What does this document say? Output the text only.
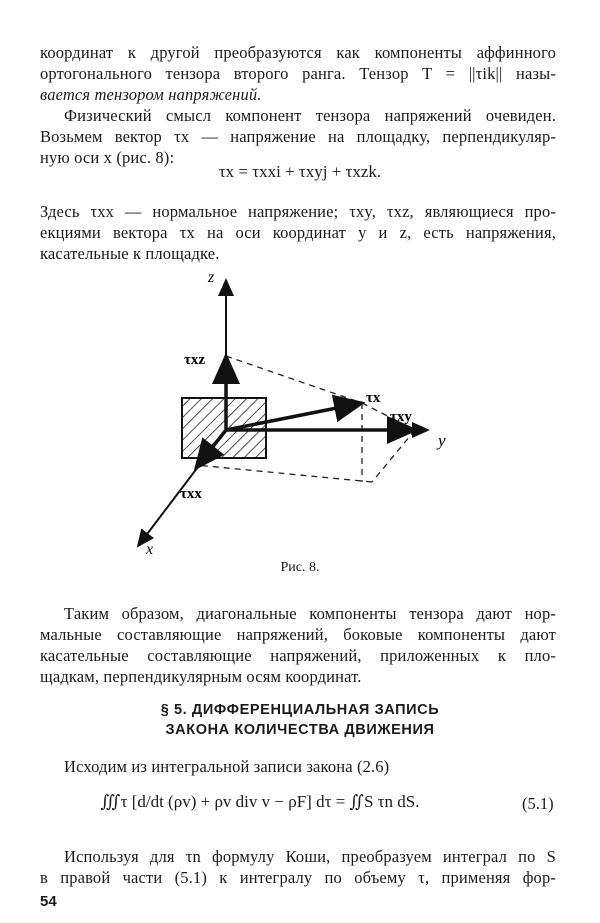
координат к другой преобразуются как компоненты аффинного
ортогонального тензора второго ранга. Тензор T = ||τik|| назы-
вается тензором напряжений.
Физический смысл компонент тензора напряжений очевиден.
Возьмем вектор τx — напряжение на площадку, перпендикуляр-
ную оси x (рис. 8):
τx = τxxi + τxyj + τxzk.
Здесь τxx — нормальное напряжение; τxy, τxz, являющиеся про-
екциями вектора τx на оси координат y и z, есть напряжения,
касательные к площадке.
z
τxz
τx
τxy
y
τxx
x
Рис. 8.
Таким образом, диагональные компоненты тензора дают нор-
мальные составляющие напряжений, боковые компоненты дают
касательные составляющие напряжений, приложенных к пло-
щадкам, перпендикулярным осям координат.
§ 5. ДИФФЕРЕНЦИАЛЬНАЯ ЗАПИСЬ
ЗАКОНА КОЛИЧЕСТВА ДВИЖЕНИЯ
Исходим из интегральной записи закона (2.6)
∭τ [d/dt (ρv) + ρv div v − ρF] dτ = ∬S τn dS.	(5.1)
Используя для τn формулу Коши, преобразуем интеграл по S
в правой части (5.1) к интегралу по объему τ, применяя фор-
54
